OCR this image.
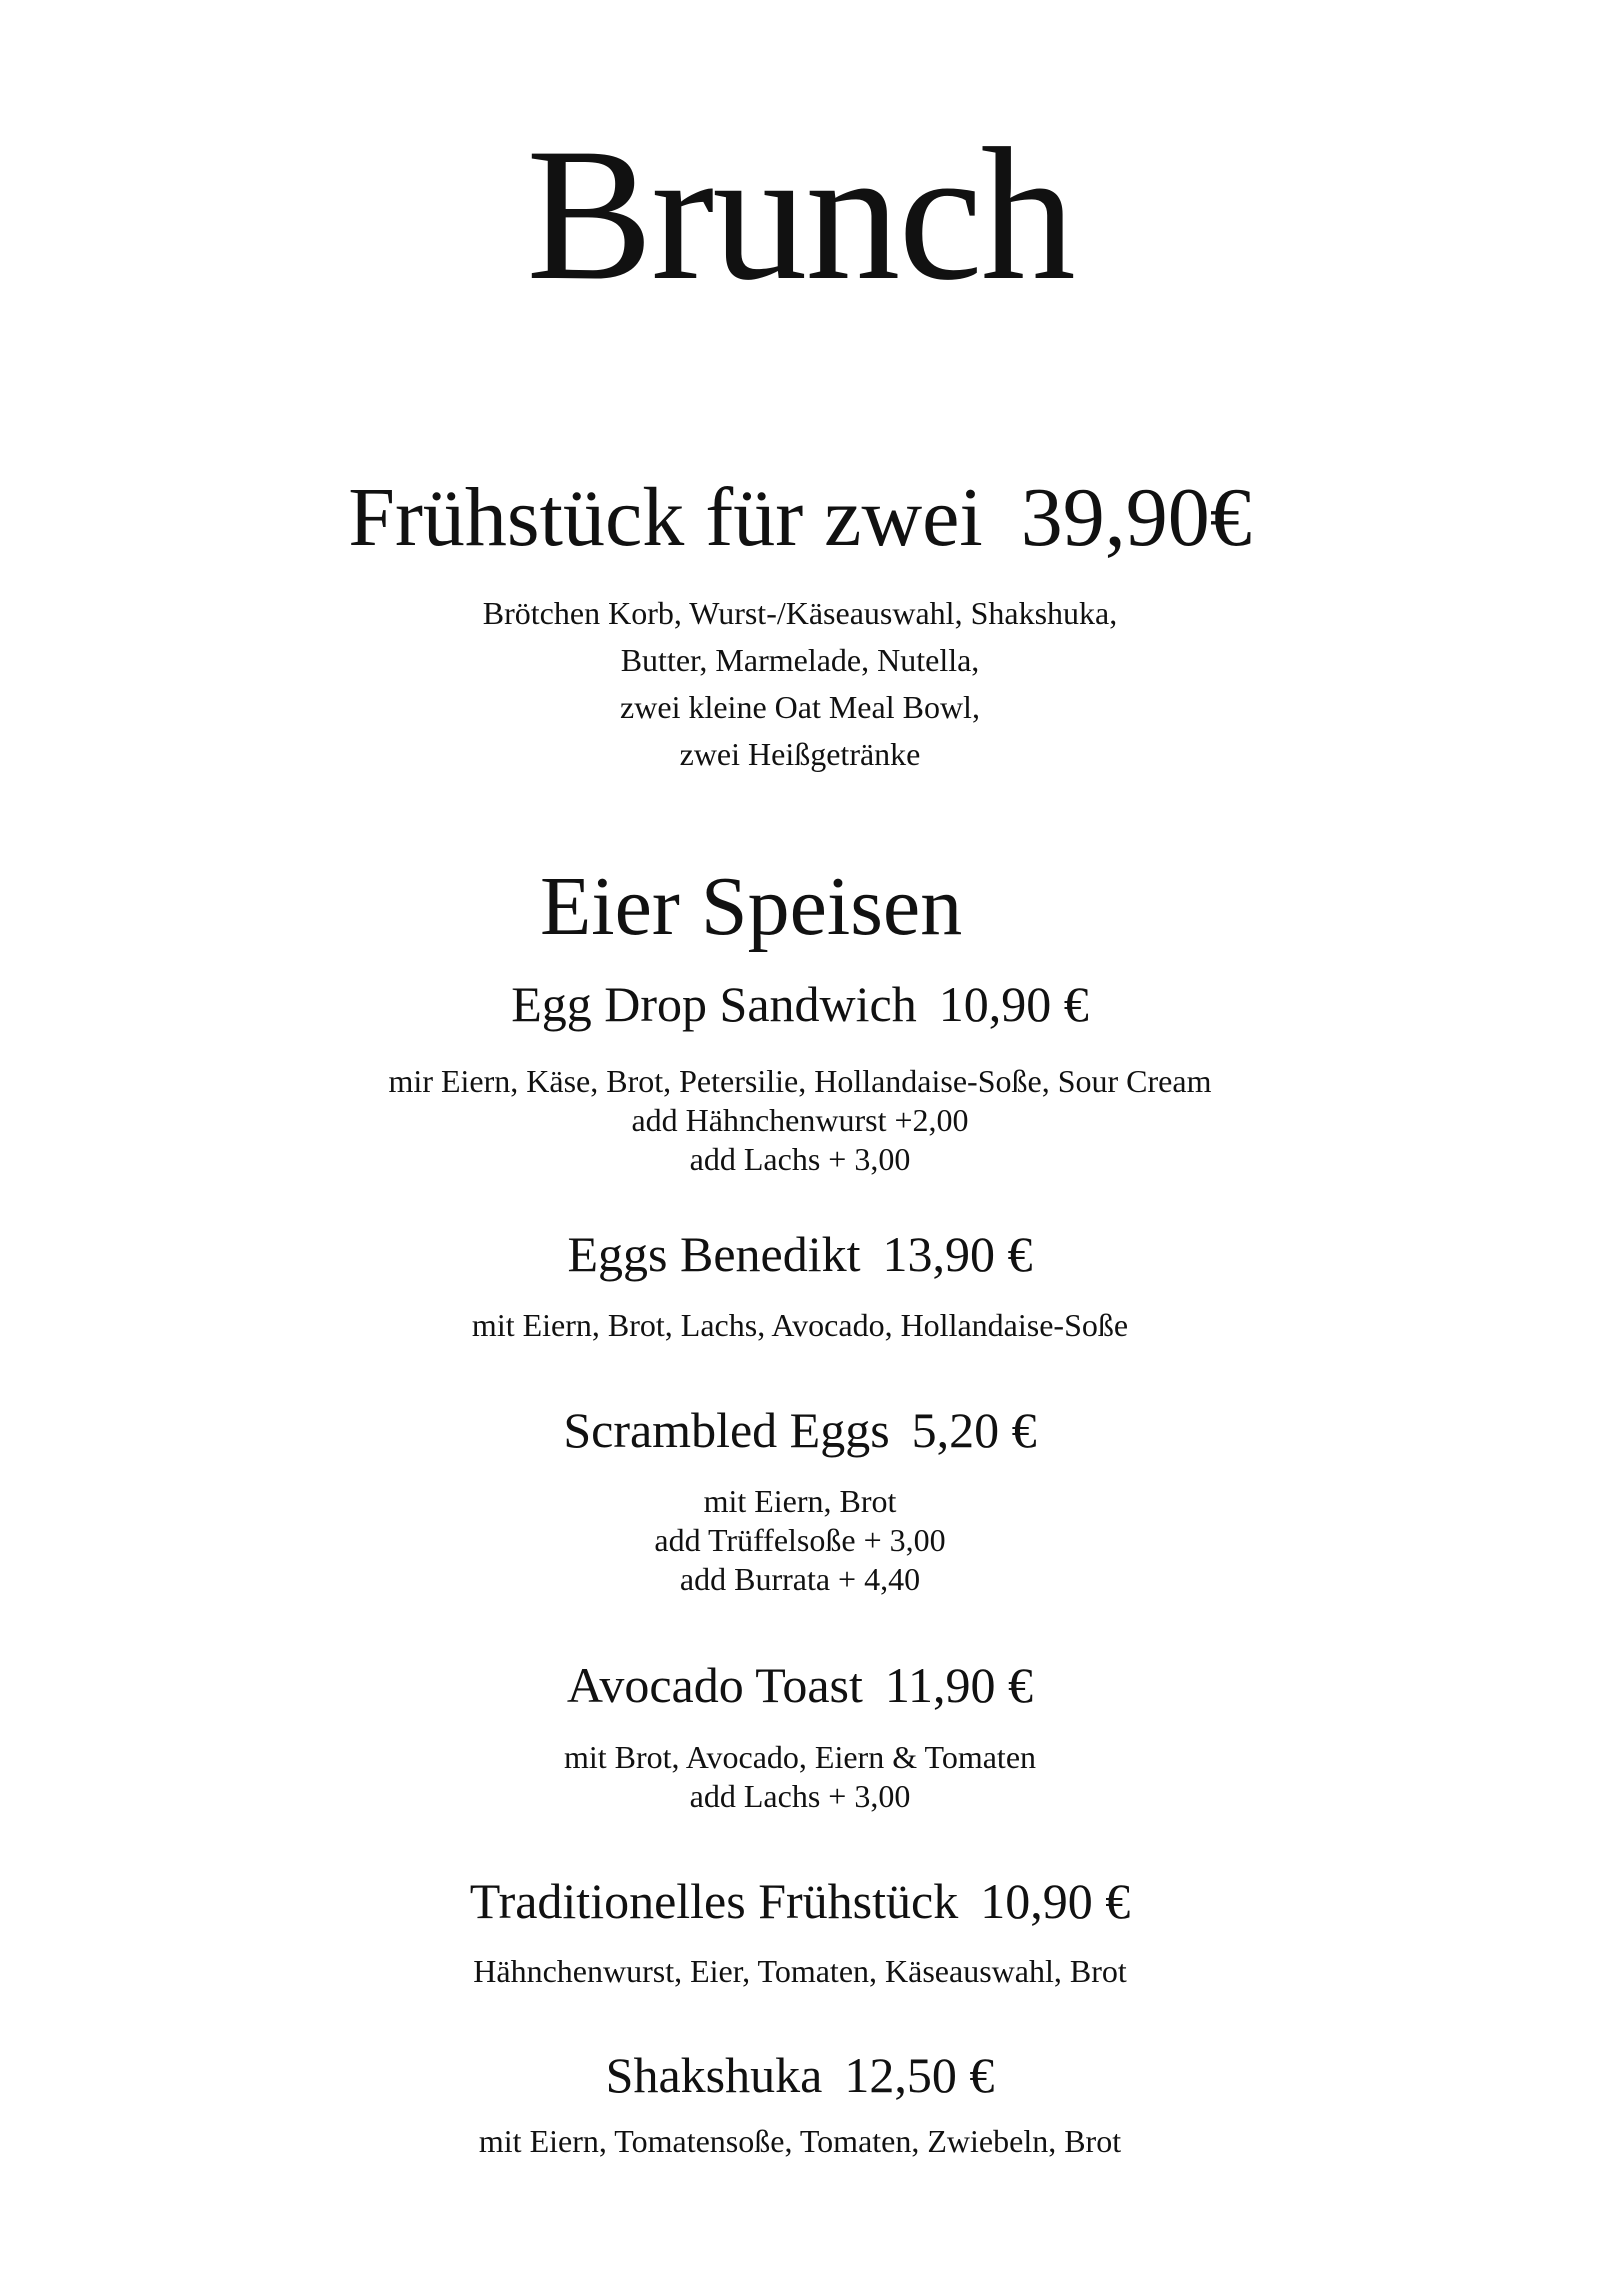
Brunch
Frühstück für zwei 39,90€
Brötchen Korb, Wurst-/Käseauswahl, Shakshuka,
Butter, Marmelade, Nutella,
zwei kleine Oat Meal Bowl,
zwei Heißgetränke
Eier Speisen
Egg Drop Sandwich 10,90 €
mir Eiern, Käse, Brot, Petersilie, Hollandaise-Soße, Sour Cream
add Hähnchenwurst +2,00
add Lachs + 3,00
Eggs Benedikt 13,90 €
mit Eiern, Brot, Lachs, Avocado, Hollandaise-Soße
Scrambled Eggs 5,20 €
mit Eiern, Brot
add Trüffelsoße + 3,00
add Burrata + 4,40
Avocado Toast 11,90 €
mit Brot, Avocado, Eiern & Tomaten
add Lachs + 3,00
Traditionelles Frühstück 10,90 €
Hähnchenwurst, Eier, Tomaten, Käseauswahl, Brot
Shakshuka 12,50 €
mit Eiern, Tomatensoße, Tomaten, Zwiebeln, Brot
